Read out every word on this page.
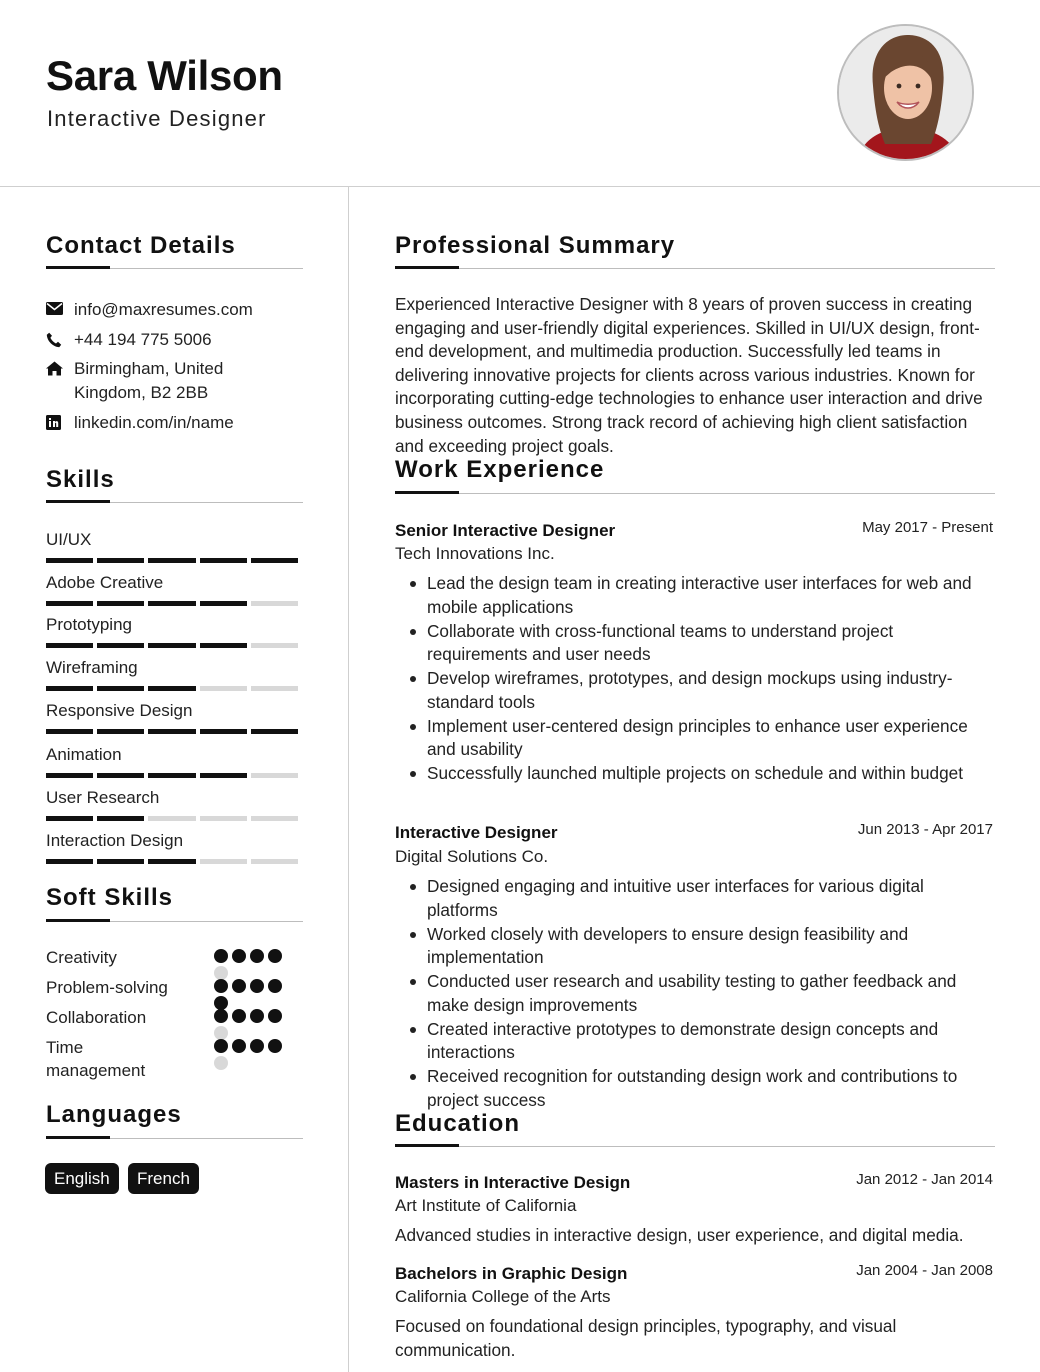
Sara Wilson
Interactive Designer
Contact Details
info@maxresumes.com
+44 194 775 5006
Birmingham, United
Kingdom, B2 2BB
linkedin.com/in/name
Skills
UI/UX
Adobe Creative
Prototyping
Wireframing
Responsive Design
Animation
User Research
Interaction Design
Soft Skills
Creativity
Problem-solving
Collaboration
Time management
Languages
English	French
Professional Summary
Experienced Interactive Designer with 8 years of proven success in creating engaging and user-friendly digital experiences. Skilled in UI/UX design, front-end development, and multimedia production. Successfully led teams in delivering innovative projects for clients across various industries. Known for incorporating cutting-edge technologies to enhance user interaction and drive business outcomes. Strong track record of achieving high client satisfaction and exceeding project goals.
Work Experience
Senior Interactive Designer	May 2017 - Present
Tech Innovations Inc.
Lead the design team in creating interactive user interfaces for web and mobile applications
Collaborate with cross-functional teams to understand project requirements and user needs
Develop wireframes, prototypes, and design mockups using industry-standard tools
Implement user-centered design principles to enhance user experience and usability
Successfully launched multiple projects on schedule and within budget
Interactive Designer	Jun 2013 - Apr 2017
Digital Solutions Co.
Designed engaging and intuitive user interfaces for various digital platforms
Worked closely with developers to ensure design feasibility and implementation
Conducted user research and usability testing to gather feedback and make design improvements
Created interactive prototypes to demonstrate design concepts and interactions
Received recognition for outstanding design work and contributions to project success
Education
Masters in Interactive Design	Jan 2012 - Jan 2014
Art Institute of California
Advanced studies in interactive design, user experience, and digital media.
Bachelors in Graphic Design	Jan 2004 - Jan 2008
California College of the Arts
Focused on foundational design principles, typography, and visual communication.
